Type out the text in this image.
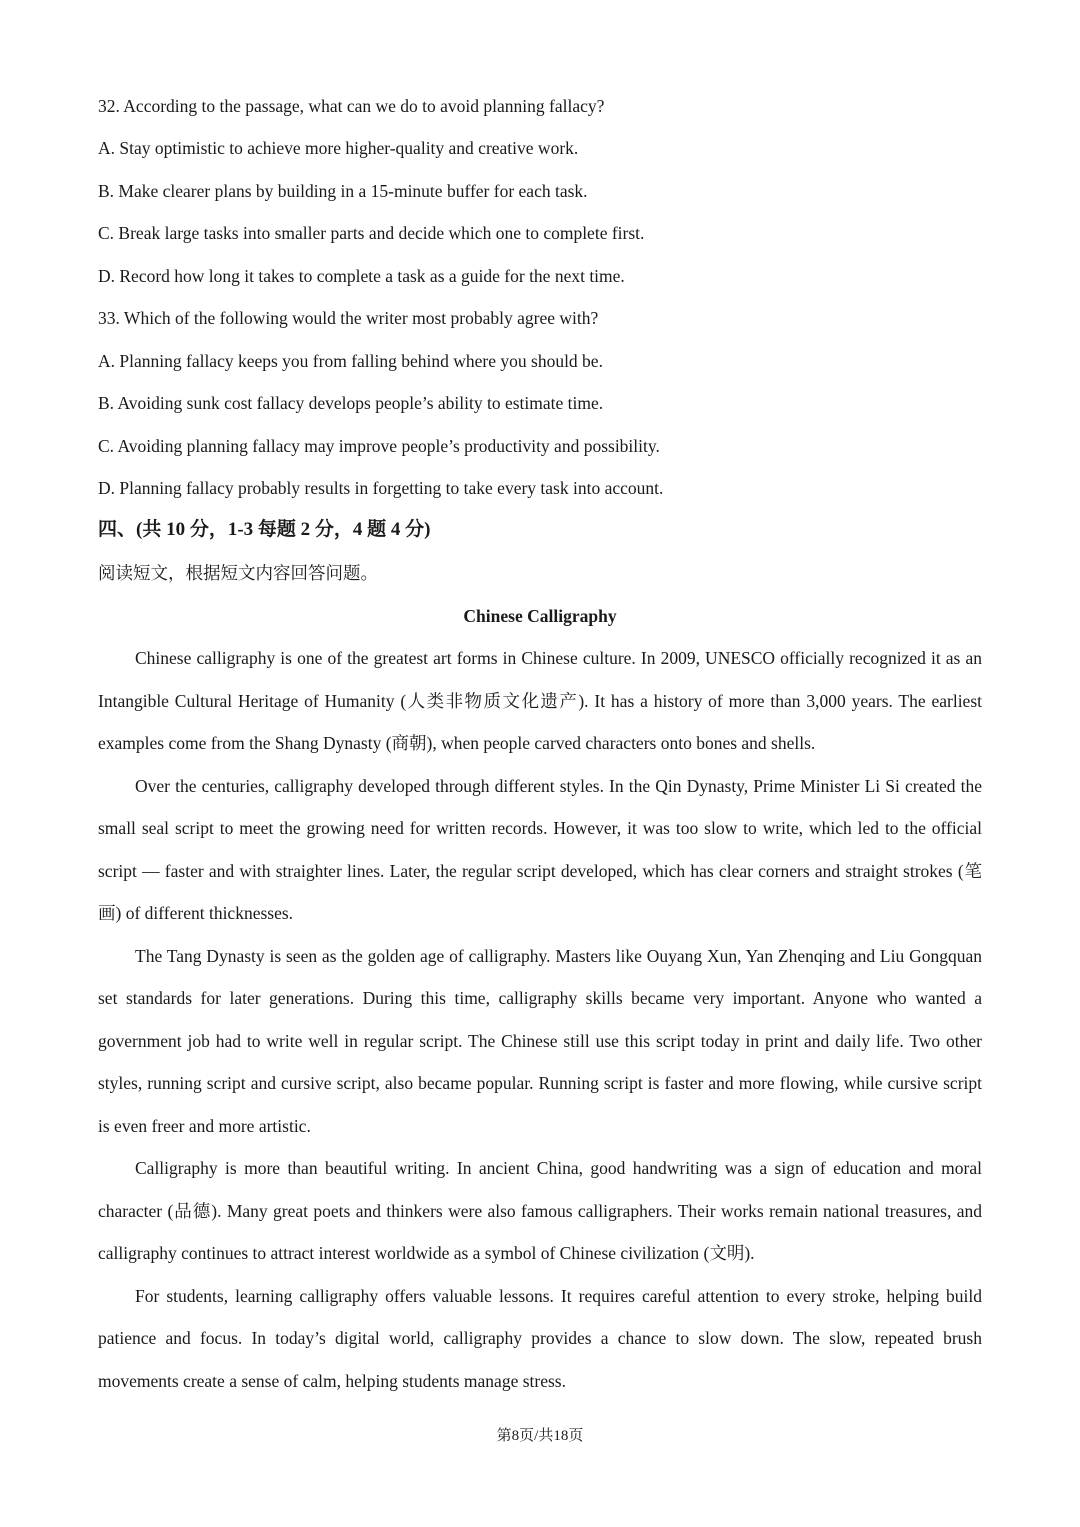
32. According to the passage, what can we do to avoid planning fallacy?
A. Stay optimistic to achieve more higher-quality and creative work.
B. Make clearer plans by building in a 15-minute buffer for each task.
C. Break large tasks into smaller parts and decide which one to complete first.
D. Record how long it takes to complete a task as a guide for the next time.
33. Which of the following would the writer most probably agree with?
A. Planning fallacy keeps you from falling behind where you should be.
B. Avoiding sunk cost fallacy develops people’s ability to estimate time.
C. Avoiding planning fallacy may improve people’s productivity and possibility.
D. Planning fallacy probably results in forgetting to take every task into account.
四、(共 10 分，1-3 每题 2 分，4 题 4 分)
阅读短文，根据短文内容回答问题。
Chinese Calligraphy

Chinese calligraphy is one of the greatest art forms in Chinese culture. In 2009, UNESCO officially recognized it as an Intangible Cultural Heritage of Humanity (人类非物质文化遗产). It has a history of more than 3,000 years. The earliest examples come from the Shang Dynasty (商朝), when people carved characters onto bones and shells.

Over the centuries, calligraphy developed through different styles. In the Qin Dynasty, Prime Minister Li Si created the small seal script to meet the growing need for written records. However, it was too slow to write, which led to the official script — faster and with straighter lines. Later, the regular script developed, which has clear corners and straight strokes (笔画) of different thicknesses.

The Tang Dynasty is seen as the golden age of calligraphy. Masters like Ouyang Xun, Yan Zhenqing and Liu Gongquan set standards for later generations. During this time, calligraphy skills became very important. Anyone who wanted a government job had to write well in regular script. The Chinese still use this script today in print and daily life. Two other styles, running script and cursive script, also became popular. Running script is faster and more flowing, while cursive script is even freer and more artistic.

Calligraphy is more than beautiful writing. In ancient China, good handwriting was a sign of education and moral character (品德). Many great poets and thinkers were also famous calligraphers. Their works remain national treasures, and calligraphy continues to attract interest worldwide as a symbol of Chinese civilization (文明).

For students, learning calligraphy offers valuable lessons. It requires careful attention to every stroke, helping build patience and focus. In today’s digital world, calligraphy provides a chance to slow down. The slow, repeated brush movements create a sense of calm, helping students manage stress.

第8页/共18页
